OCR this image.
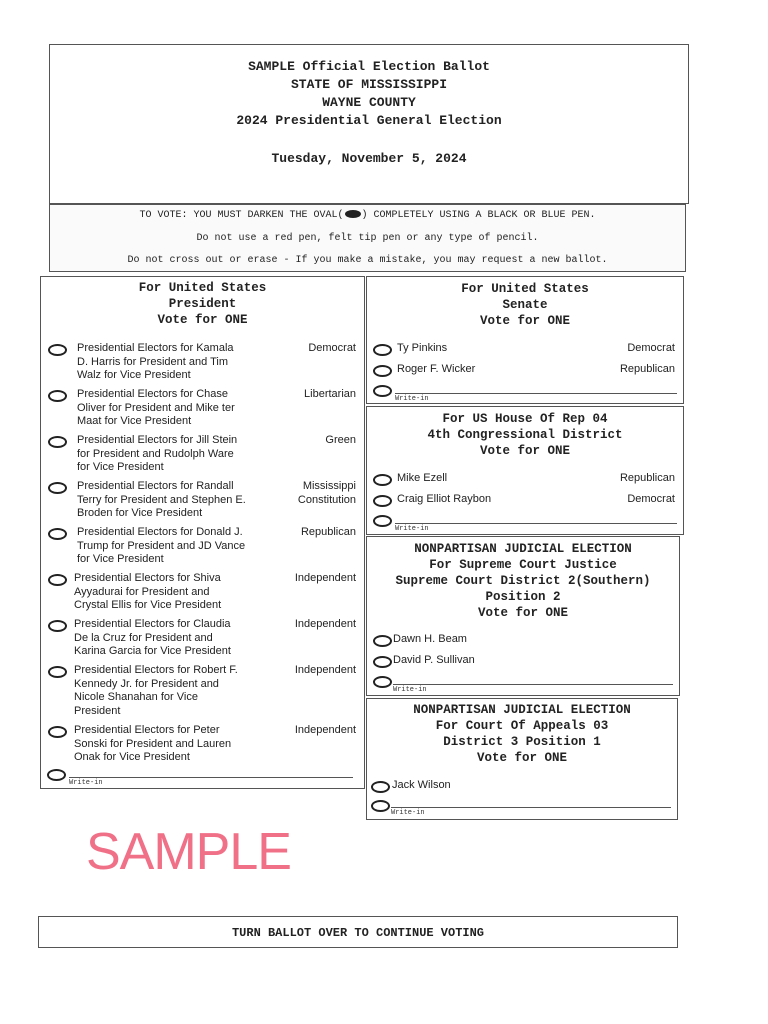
SAMPLE Official Election Ballot
STATE OF MISSISSIPPI
WAYNE COUNTY
2024 Presidential General Election
Tuesday, November 5, 2024
TO VOTE: YOU MUST DARKEN THE OVAL( ) COMPLETELY USING A BLACK OR BLUE PEN.
Do not use a red pen, felt tip pen or any type of pencil.
Do not cross out or erase - If you make a mistake, you may request a new ballot.
For United States
President
Vote for ONE
Presidential Electors for Kamala
D. Harris for President and Tim
Walz for Vice President
Democrat
Presidential Electors for Chase
Oliver for President and Mike ter
Maat for Vice President
Libertarian
Presidential Electors for Jill Stein
for President and Rudolph Ware
for Vice President
Green
Presidential Electors for Randall
Terry for President and Stephen E.
Broden for Vice President
Mississippi
Constitution
Presidential Electors for Donald J.
Trump for President and JD Vance
for Vice President
Republican
Presidential Electors for Shiva
Ayyadurai for President and
Crystal Ellis for Vice President
Independent
Presidential Electors for Claudia
De la Cruz for President and
Karina Garcia for Vice President
Independent
Presidential Electors for Robert F.
Kennedy Jr. for President and
Nicole Shanahan for Vice
President
Independent
Presidential Electors for Peter
Sonski for President and Lauren
Onak for Vice President
Independent
Write-in
For United States
Senate
Vote for ONE
Ty Pinkins	Democrat
Roger F. Wicker	Republican
Write-in
For US House Of Rep 04
4th Congressional District
Vote for ONE
Mike Ezell	Republican
Craig Elliot Raybon	Democrat
Write-in
NONPARTISAN JUDICIAL ELECTION
For Supreme Court Justice
Supreme Court District 2(Southern)
Position 2
Vote for ONE
Dawn H. Beam
David P. Sullivan
Write-in
NONPARTISAN JUDICIAL ELECTION
For Court Of Appeals 03
District 3 Position 1
Vote for ONE
Jack Wilson
Write-in
SAMPLE
TURN BALLOT OVER TO CONTINUE VOTING
